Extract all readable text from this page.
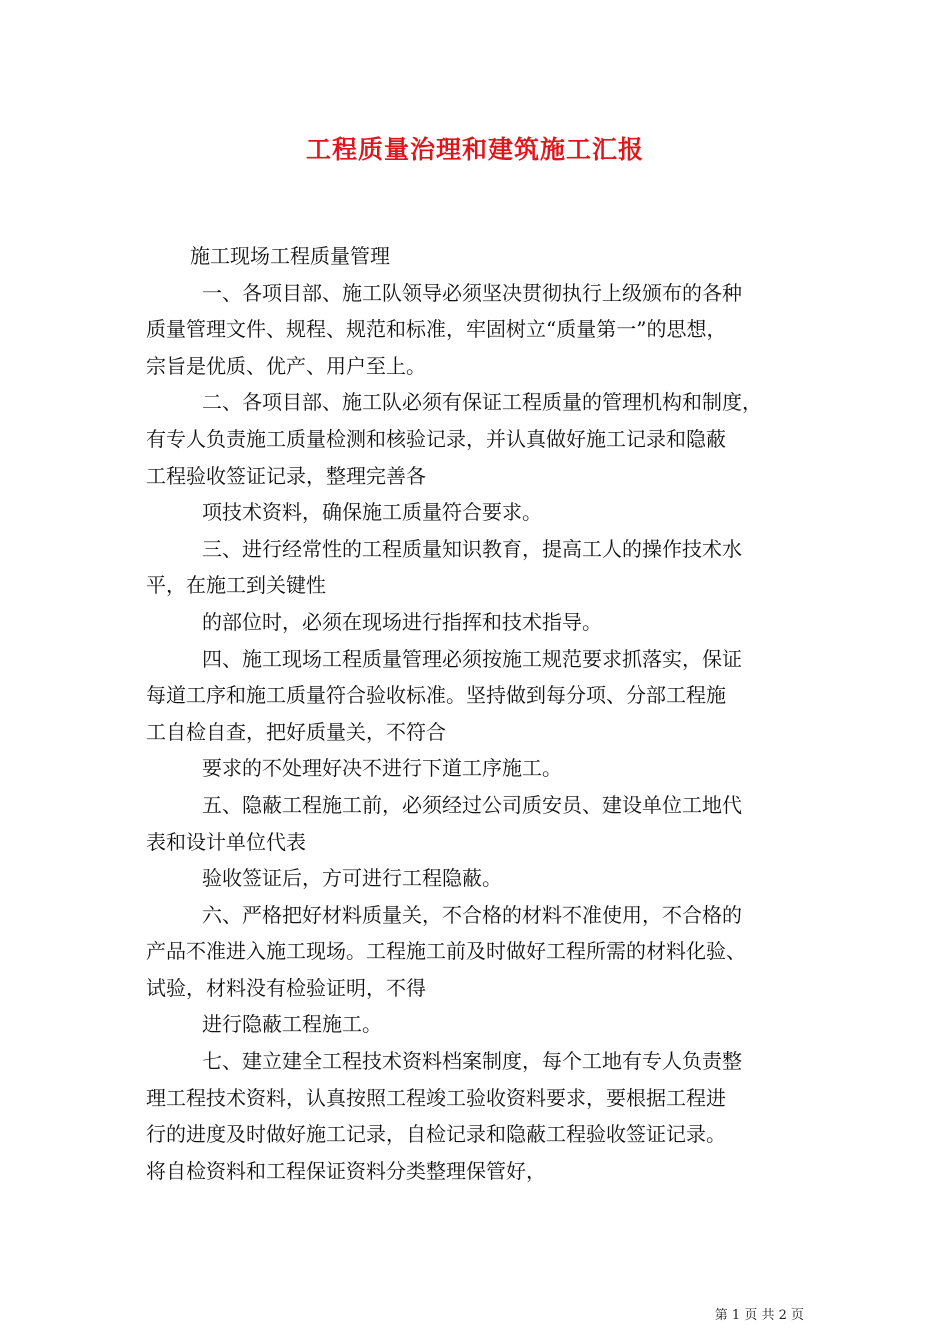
工程质量治理和建筑施工汇报
施工现场工程质量管理
一、各项目部、施工队领导必须坚决贯彻执行上级颁布的各种
质量管理文件、规程、规范和标准，牢固树立“质量第一”的思想，
宗旨是优质、优产、用户至上。
二、各项目部、施工队必须有保证工程质量的管理机构和制度，
有专人负责施工质量检测和核验记录，并认真做好施工记录和隐蔽
工程验收签证记录，整理完善各
项技术资料，确保施工质量符合要求。
三、进行经常性的工程质量知识教育，提高工人的操作技术水
平，在施工到关键性
的部位时，必须在现场进行指挥和技术指导。
四、施工现场工程质量管理必须按施工规范要求抓落实，保证
每道工序和施工质量符合验收标准。坚持做到每分项、分部工程施
工自检自查，把好质量关，不符合
要求的不处理好决不进行下道工序施工。
五、隐蔽工程施工前，必须经过公司质安员、建设单位工地代
表和设计单位代表
验收签证后，方可进行工程隐蔽。
六、严格把好材料质量关，不合格的材料不准使用，不合格的
产品不准进入施工现场。工程施工前及时做好工程所需的材料化验、
试验，材料没有检验证明，不得
进行隐蔽工程施工。
七、建立建全工程技术资料档案制度，每个工地有专人负责整
理工程技术资料，认真按照工程竣工验收资料要求，要根据工程进
行的进度及时做好施工记录，自检记录和隐蔽工程验收签证记录。
将自检资料和工程保证资料分类整理保管好，
第 1 页 共 2 页
